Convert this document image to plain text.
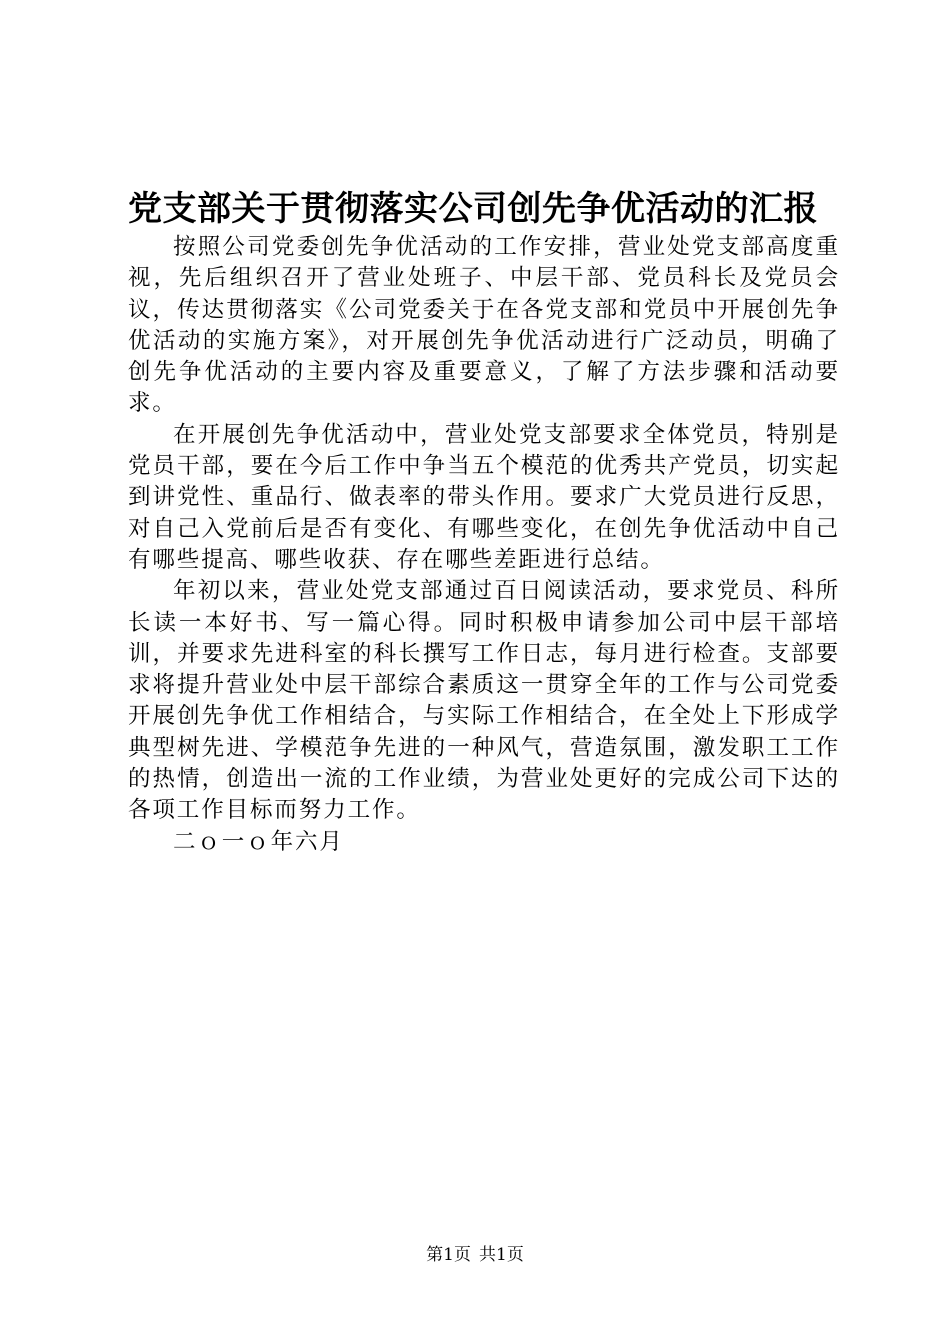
党支部关于贯彻落实公司创先争优活动的汇报

按照公司党委创先争优活动的工作安排，营业处党支部高度重视，先后组织召开了营业处班子、中层干部、党员科长及党员会议，传达贯彻落实《公司党委关于在各党支部和党员中开展创先争优活动的实施方案》，对开展创先争优活动进行广泛动员，明确了创先争优活动的主要内容及重要意义，了解了方法步骤和活动要求。

在开展创先争优活动中，营业处党支部要求全体党员，特别是党员干部，要在今后工作中争当五个模范的优秀共产党员，切实起到讲党性、重品行、做表率的带头作用。要求广大党员进行反思，对自己入党前后是否有变化、有哪些变化，在创先争优活动中自己有哪些提高、哪些收获、存在哪些差距进行总结。

年初以来，营业处党支部通过百日阅读活动，要求党员、科所长读一本好书、写一篇心得。同时积极申请参加公司中层干部培训，并要求先进科室的科长撰写工作日志，每月进行检查。支部要求将提升营业处中层干部综合素质这一贯穿全年的工作与公司党委开展创先争优工作相结合，与实际工作相结合，在全处上下形成学典型树先进、学模范争先进的一种风气，营造氛围，激发职工工作的热情，创造出一流的工作业绩，为营业处更好的完成公司下达的各项工作目标而努力工作。

二ｏ一ｏ年六月

第1页 共1页
